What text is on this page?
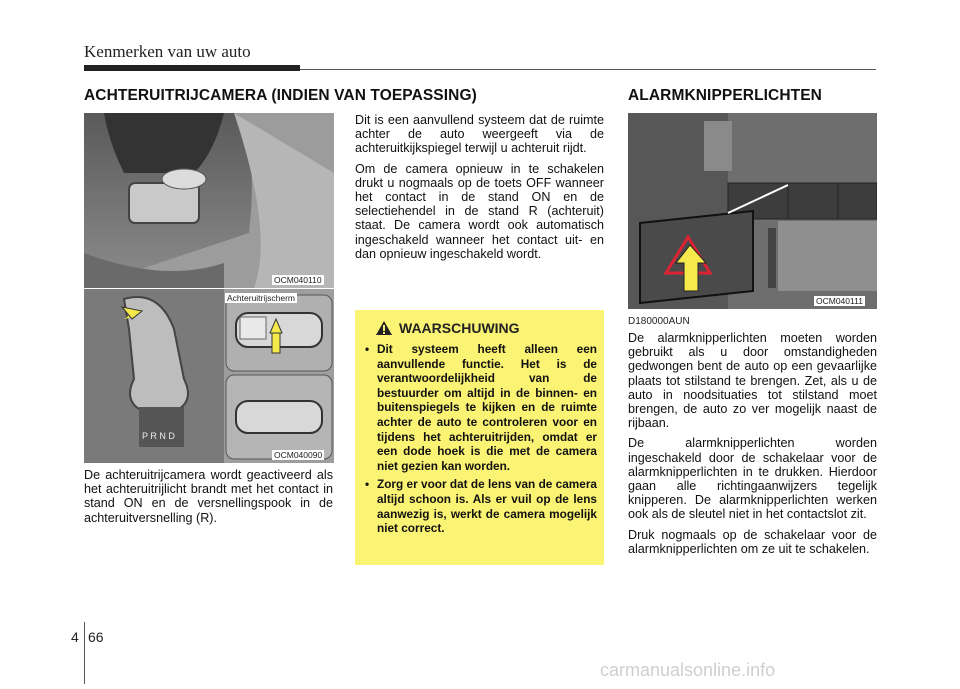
Kenmerken van uw auto
ACHTERUITRIJCAMERA (INDIEN VAN TOEPASSING)
OCM040110
P R N D
Achteruitrijscherm
OCM040090
De achteruitrijcamera wordt geactiveerd als het achteruitrijlicht brandt met het contact in stand ON en de versnellingspook in de achteruitversnelling (R).

Dit is een aanvullend systeem dat de ruimte achter de auto weergeeft via de achteruitkijkspiegel terwijl u achteruit rijdt.

Om de camera opnieuw in te schakelen drukt u nogmaals op de toets OFF wanneer het contact in de stand ON en de selectiehendel in de stand R (achteruit) staat. De camera wordt ook automatisch ingeschakeld wanneer het contact uit- en dan opnieuw ingeschakeld wordt.

WAARSCHUWING
• Dit systeem heeft alleen een aanvullende functie. Het is de verantwoordelijkheid van de bestuurder om altijd in de binnen- en buitenspiegels te kijken en de ruimte achter de auto te controleren voor en tijdens het achteruitrijden, omdat er een dode hoek is die met de camera niet gezien kan worden.
• Zorg er voor dat de lens van de camera altijd schoon is. Als er vuil op de lens aanwezig is, werkt de camera mogelijk niet correct.
ALARMKNIPPERLICHTEN
OCM040111
D180000AUN

De alarmknipperlichten moeten worden gebruikt als u door omstandigheden gedwongen bent de auto op een gevaarlijke plaats tot stilstand te brengen. Zet, als u de auto in noodsituaties tot stilstand moet brengen, de auto zo ver mogelijk naast de rijbaan.

De alarmknipperlichten worden ingeschakeld door de schakelaar voor de alarmknipperlichten in te drukken. Hierdoor gaan alle richtingaanwijzers tegelijk knipperen. De alarmknipperlichten werken ook als de sleutel niet in het contactslot zit.

Druk nogmaals op de schakelaar voor de alarmknipperlichten om ze uit te schakelen.

4 66
carmanualsonline.info
